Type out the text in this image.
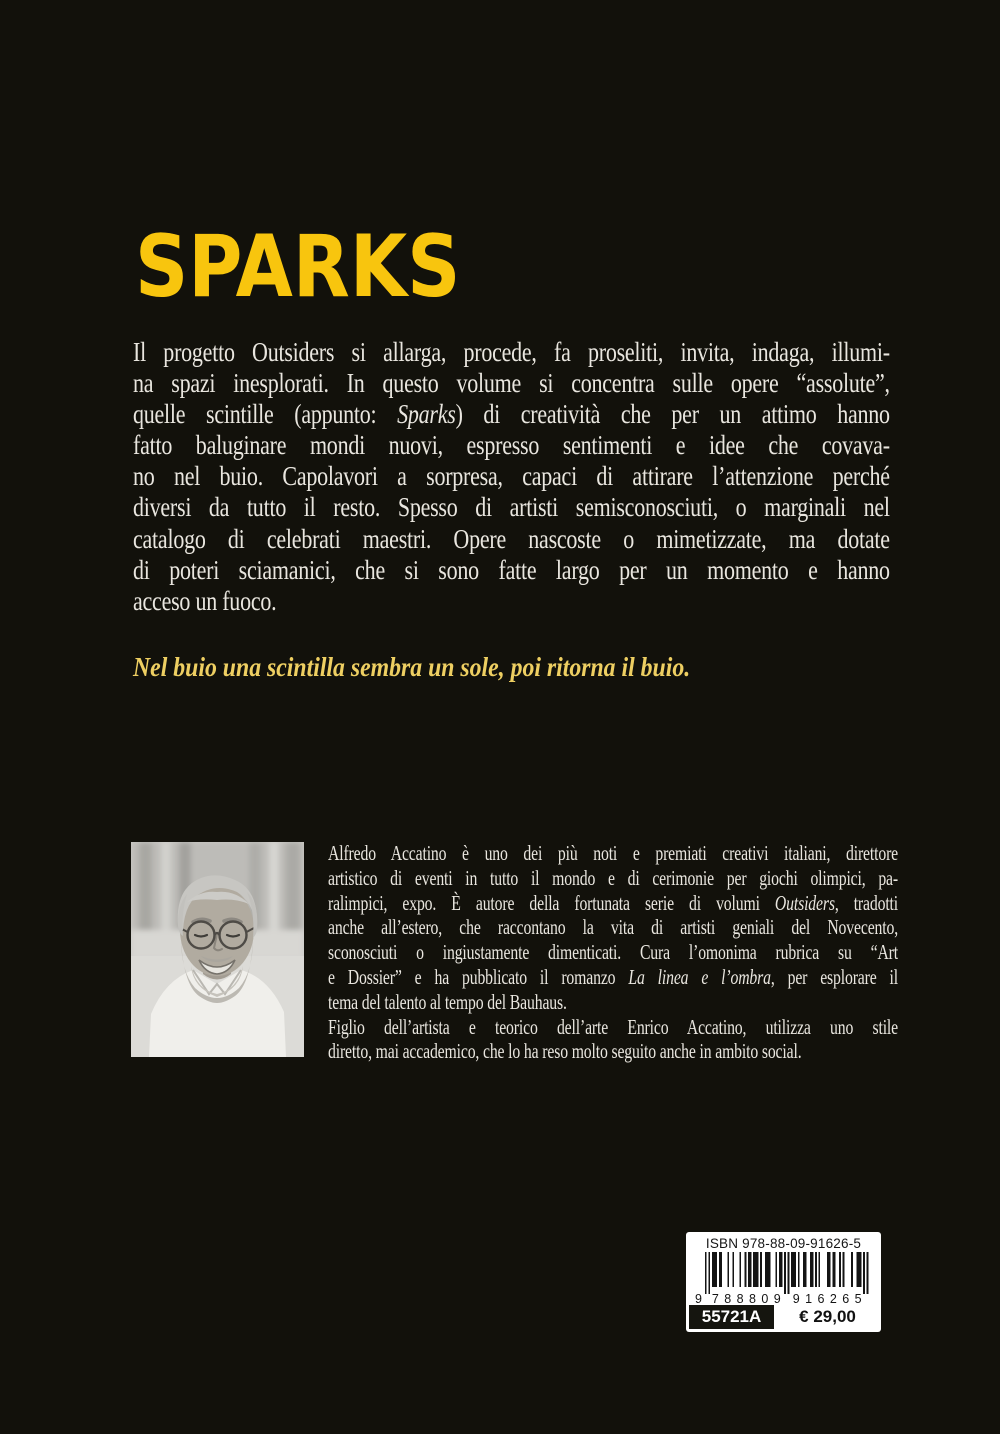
SPARKS
Il progetto Outsiders si allarga, procede, fa proseliti, invita, indaga, illumi-
na spazi inesplorati. In questo volume si concentra sulle opere “assolute”,
quelle scintille (appunto: Sparks) di creatività che per un attimo hanno
fatto baluginare mondi nuovi, espresso sentimenti e idee che covava-
no nel buio. Capolavori a sorpresa, capaci di attirare l’attenzione perché
diversi da tutto il resto. Spesso di artisti semisconosciuti, o marginali nel
catalogo di celebrati maestri. Opere nascoste o mimetizzate, ma dotate
di poteri sciamanici, che si sono fatte largo per un momento e hanno
acceso un fuoco.
Nel buio una scintilla sembra un sole, poi ritorna il buio.
Alfredo Accatino è uno dei più noti e premiati creativi italiani, direttore
artistico di eventi in tutto il mondo e di cerimonie per giochi olimpici, pa-
ralimpici, expo. È autore della fortunata serie di volumi Outsiders, tradotti
anche all’estero, che raccontano la vita di artisti geniali del Novecento,
sconosciuti o ingiustamente dimenticati. Cura l’omonima rubrica su “Art
e Dossier” e ha pubblicato il romanzo La linea e l’ombra, per esplorare il
tema del talento al tempo del Bauhaus.
Figlio dell’artista e teorico dell’arte Enrico Accatino, utilizza uno stile
diretto, mai accademico, che lo ha reso molto seguito anche in ambito social.
ISBN 978-88-09-91626-5
9 788809 916265
55721A	€ 29,00
